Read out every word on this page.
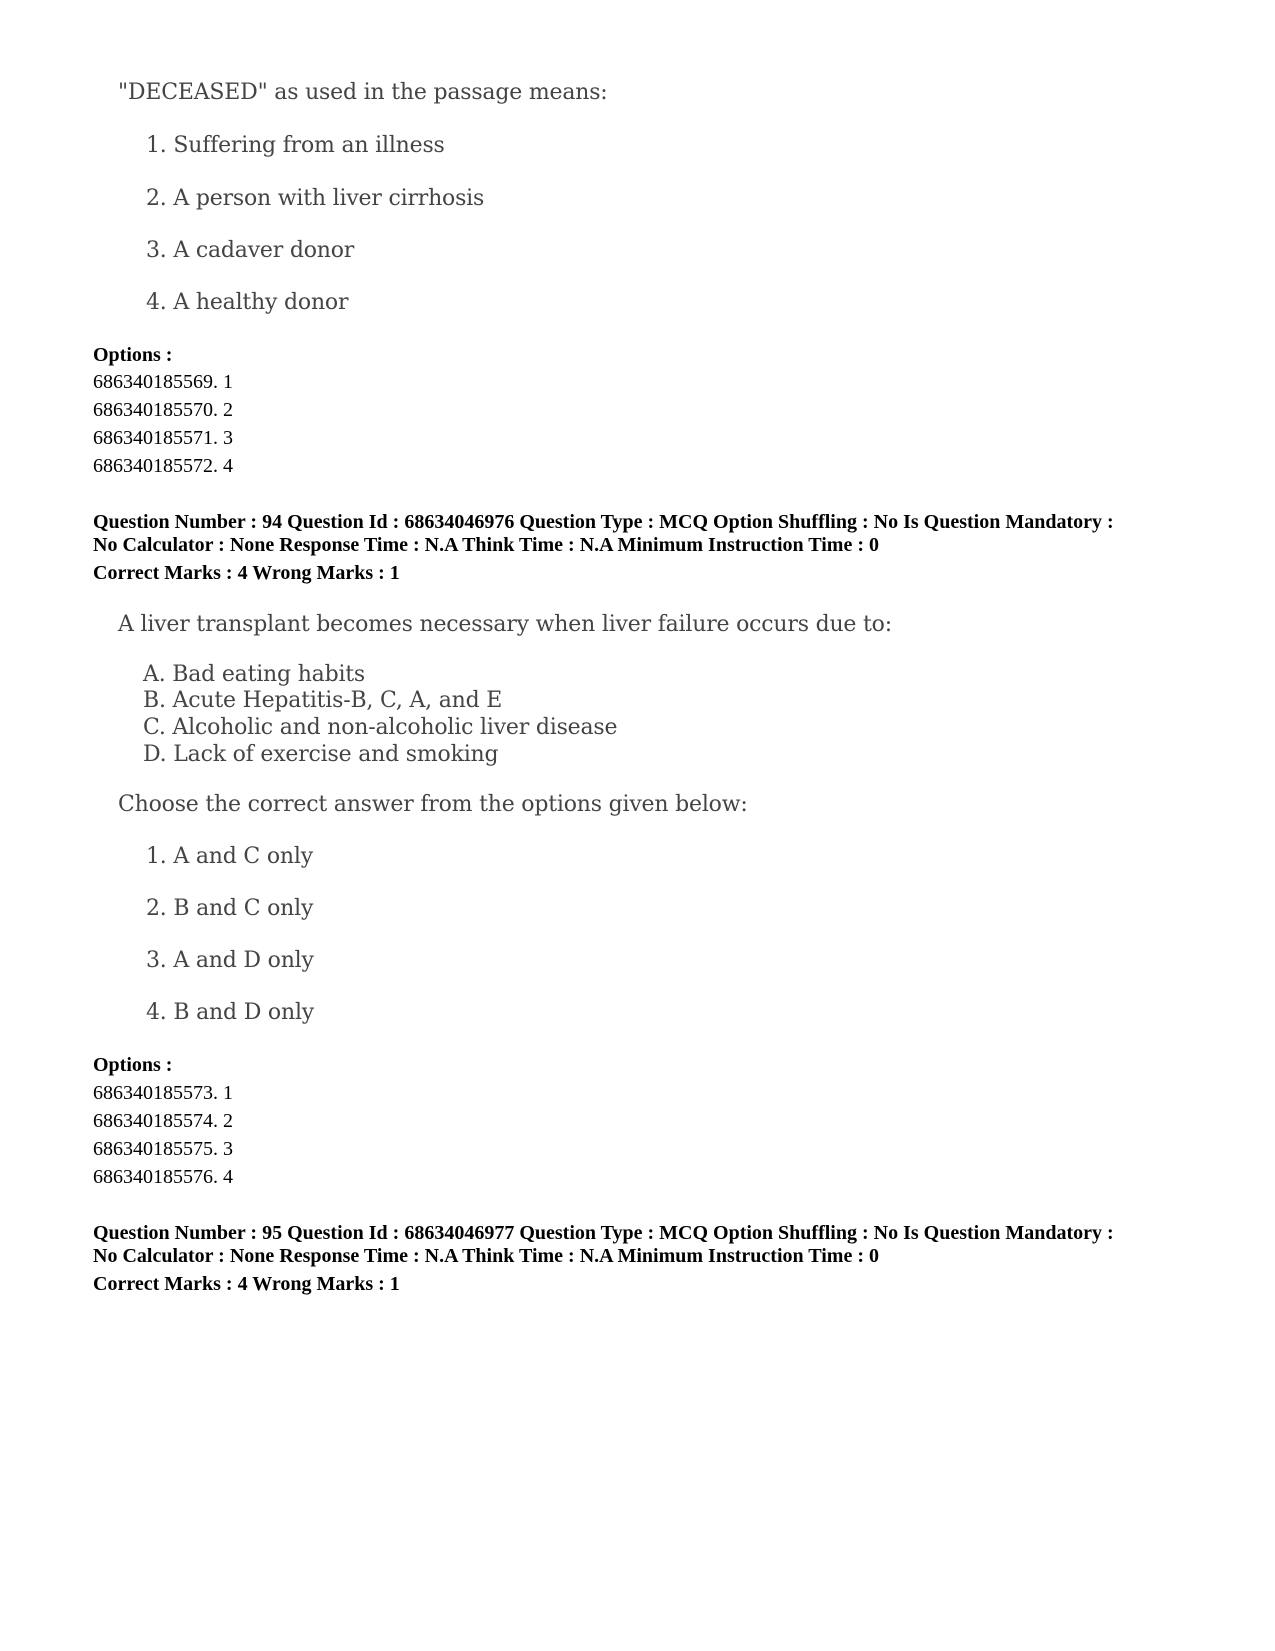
"DECEASED" as used in the passage means:
1. Suffering from an illness
2. A person with liver cirrhosis
3. A cadaver donor
4. A healthy donor
Options :
686340185569. 1
686340185570. 2
686340185571. 3
686340185572. 4
Question Number : 94 Question Id : 68634046976 Question Type : MCQ Option Shuffling : No Is Question Mandatory :
No Calculator : None Response Time : N.A Think Time : N.A Minimum Instruction Time : 0
Correct Marks : 4 Wrong Marks : 1
A liver transplant becomes necessary when liver failure occurs due to:
A. Bad eating habits
B. Acute Hepatitis-B, C, A, and E
C. Alcoholic and non-alcoholic liver disease
D. Lack of exercise and smoking
Choose the correct answer from the options given below:
1. A and C only
2. B and C only
3. A and D only
4. B and D only
Options :
686340185573. 1
686340185574. 2
686340185575. 3
686340185576. 4
Question Number : 95 Question Id : 68634046977 Question Type : MCQ Option Shuffling : No Is Question Mandatory :
No Calculator : None Response Time : N.A Think Time : N.A Minimum Instruction Time : 0
Correct Marks : 4 Wrong Marks : 1
